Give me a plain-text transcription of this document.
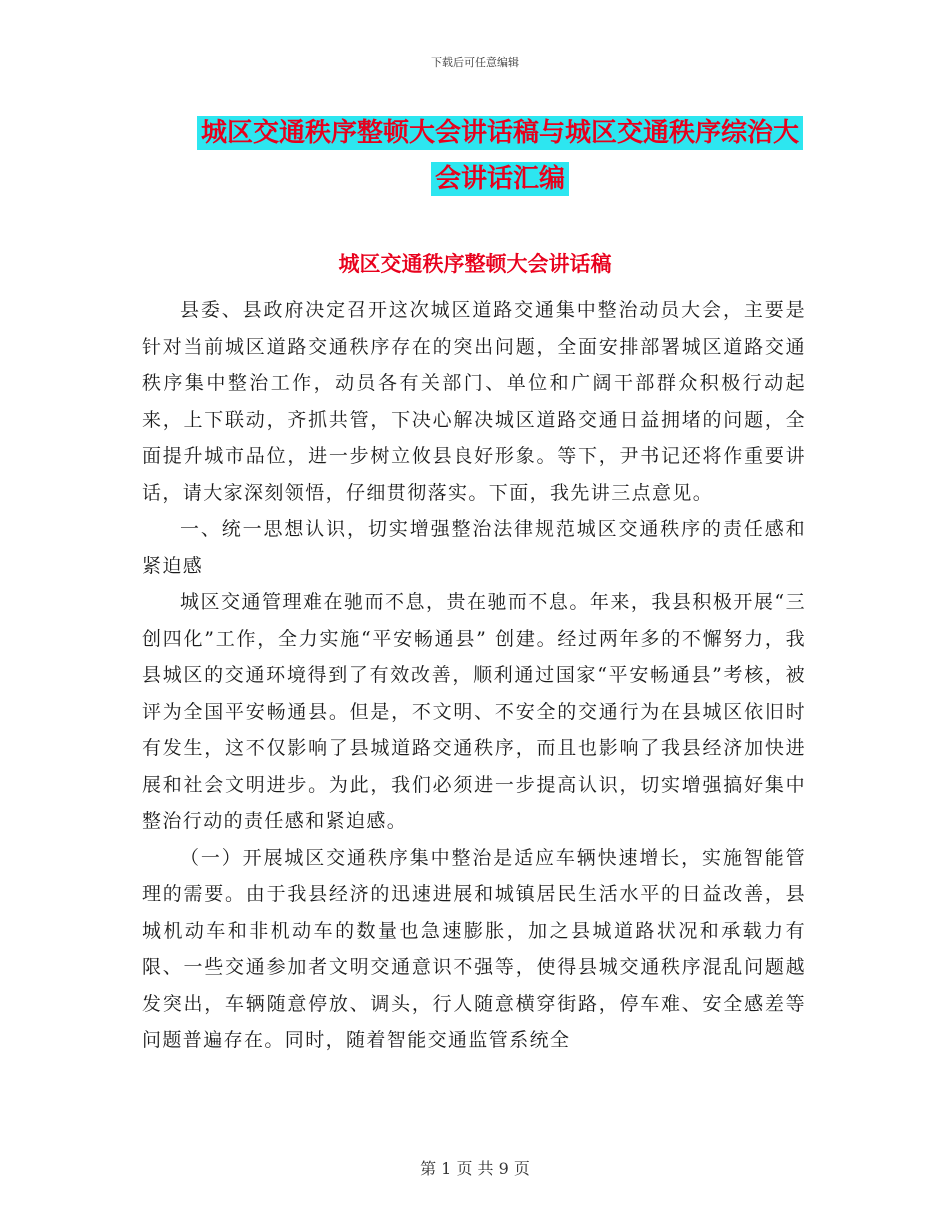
下载后可任意编辑
城区交通秩序整顿大会讲话稿与城区交通秩序综治大
会讲话汇编
城区交通秩序整顿大会讲话稿

县委、县政府决定召开这次城区道路交通集中整治动员大会，主要是针对当前城区道路交通秩序存在的突出问题，全面安排部署城区道路交通秩序集中整治工作，动员各有关部门、单位和广阔干部群众积极行动起来，上下联动，齐抓共管，下决心解决城区道路交通日益拥堵的问题，全面提升城市品位，进一步树立攸县良好形象。等下，尹书记还将作重要讲话，请大家深刻领悟，仔细贯彻落实。下面，我先讲三点意见。

一、统一思想认识，切实增强整治法律规范城区交通秩序的责任感和紧迫感

城区交通管理难在驰而不息，贵在驰而不息。年来，我县积极开展“三创四化”工作，全力实施“平安畅通县” 创建。经过两年多的不懈努力，我县城区的交通环境得到了有效改善，顺利通过国家“平安畅通县”考核，被评为全国平安畅通县。但是，不文明、不安全的交通行为在县城区依旧时有发生，这不仅影响了县城道路交通秩序，而且也影响了我县经济加快进展和社会文明进步。为此，我们必须进一步提高认识，切实增强搞好集中整治行动的责任感和紧迫感。

（一）开展城区交通秩序集中整治是适应车辆快速增长，实施智能管理的需要。由于我县经济的迅速进展和城镇居民生活水平的日益改善，县城机动车和非机动车的数量也急速膨胀，加之县城道路状况和承载力有限、一些交通参加者文明交通意识不强等，使得县城交通秩序混乱问题越发突出，车辆随意停放、调头，行人随意横穿街路，停车难、安全感差等问题普遍存在。同时，随着智能交通监管系统全

第 1 页 共 9 页
